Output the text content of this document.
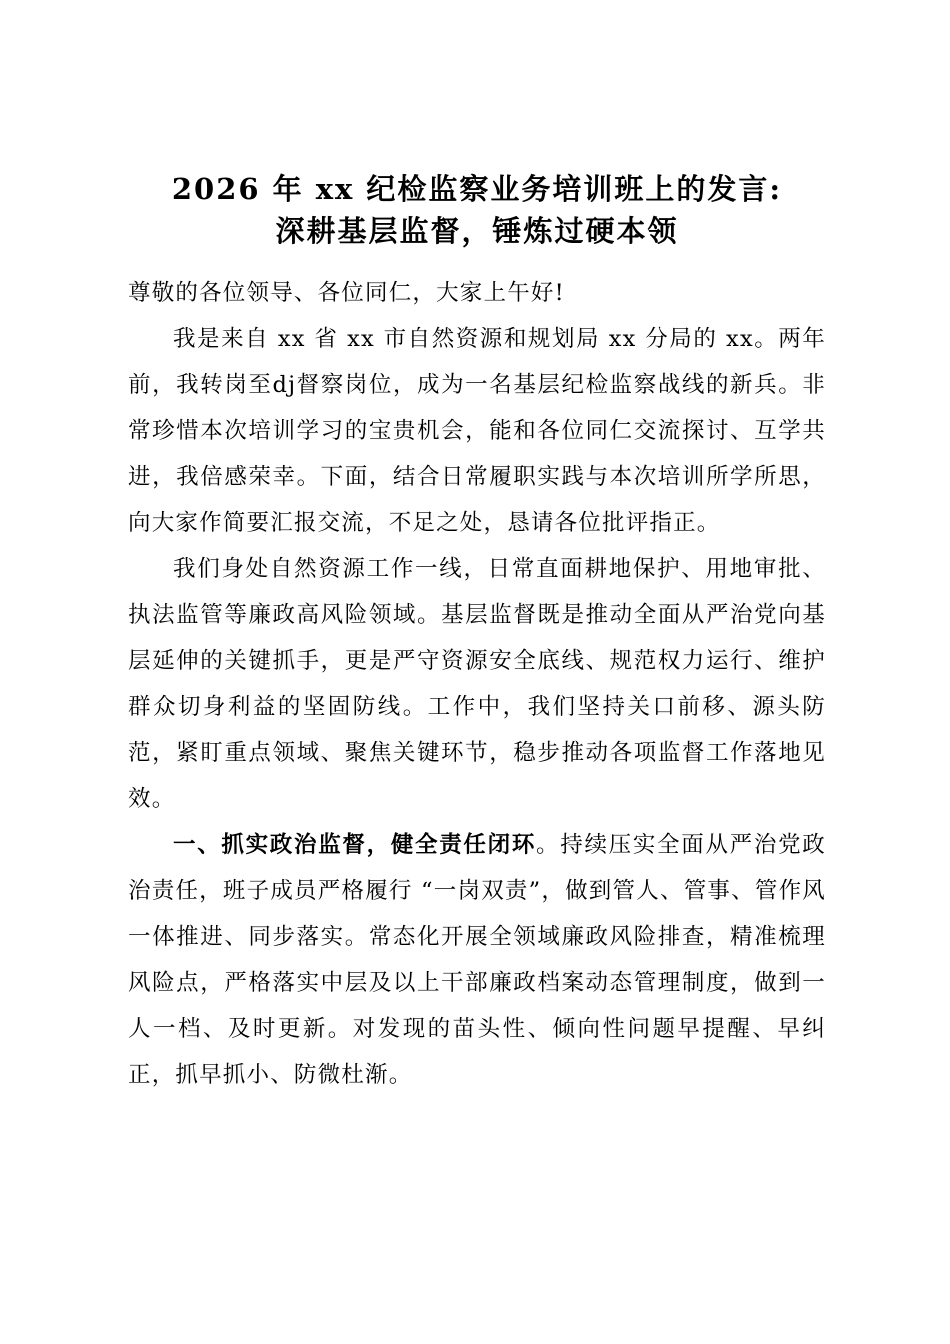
2026 年 xx 纪检监察业务培训班上的发言:
深耕基层监督，锤炼过硬本领

尊敬的各位领导、各位同仁，大家上午好!

我是来自 xx 省 xx 市自然资源和规划局 xx 分局的 xx。两年前，我转岗至dj督察岗位，成为一名基层纪检监察战线的新兵。非常珍惜本次培训学习的宝贵机会，能和各位同仁交流探讨、互学共进，我倍感荣幸。下面，结合日常履职实践与本次培训所学所思，向大家作简要汇报交流，不足之处，恳请各位批评指正。

我们身处自然资源工作一线，日常直面耕地保护、用地审批、执法监管等廉政高风险领域。基层监督既是推动全面从严治党向基层延伸的关键抓手，更是严守资源安全底线、规范权力运行、维护群众切身利益的坚固防线。工作中，我们坚持关口前移、源头防范，紧盯重点领域、聚焦关键环节，稳步推动各项监督工作落地见效。

一、抓实政治监督，健全责任闭环。持续压实全面从严治党政治责任，班子成员严格履行 “一岗双责”，做到管人、管事、管作风一体推进、同步落实。常态化开展全领域廉政风险排查，精准梳理风险点，严格落实中层及以上干部廉政档案动态管理制度，做到一人一档、及时更新。对发现的苗头性、倾向性问题早提醒、早纠正，抓早抓小、防微杜渐。
